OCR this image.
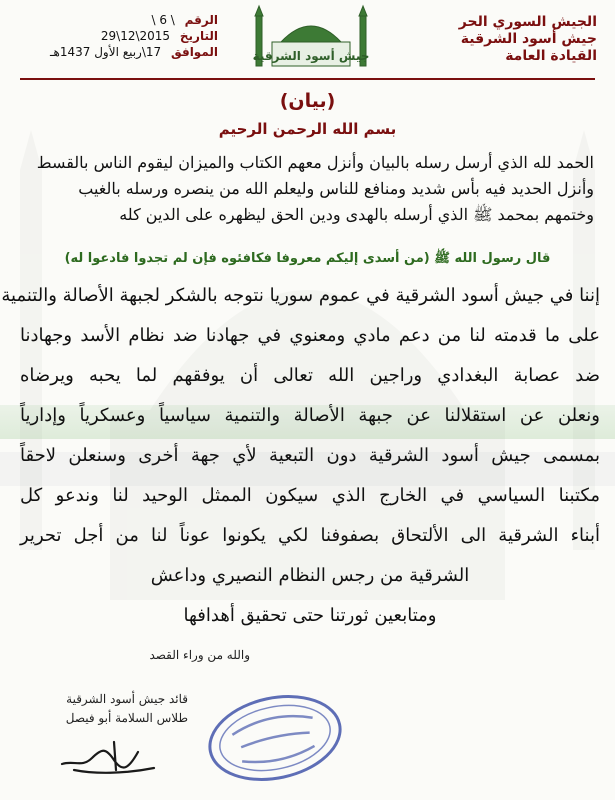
الجيش السوري الحر
جيش أسود الشرقية
القيادة العامة
جيش أسود الشرقية
الرقم \ 6 \
التاريخ 2015\12\29
الموافق 17\ربيع الأول 1437هـ
(بيان)
بسم الله الرحمن الرحيم
الحمد لله الذي أرسل رسله بالبيان وأنزل معهم الكتاب والميزان ليقوم الناس بالقسط
وأنزل الحديد فيه بأس شديد ومنافع للناس وليعلم الله من ينصره ورسله بالغيب
وختمهم بمحمد ﷺ الذي أرسله بالهدى ودين الحق ليظهره على الدين كله
قال رسول الله ﷺ (من أسدى إليكم معروفا فكافئوه فإن لم تجدوا فادعوا له)
إننا في جيش أسود الشرقية في عموم سوريا نتوجه بالشكر لجبهة الأصالة والتنمية
على ما قدمته لنا من دعم مادي ومعنوي في جهادنا ضد نظام الأسد وجهادنا
ضد عصابة البغدادي وراجين الله تعالى أن يوفقهم لما يحبه ويرضاه
ونعلن عن استقلالنا عن جبهة الأصالة والتنمية سياسياً وعسكرياً وإدارياً
بمسمى جيش أسود الشرقية دون التبعية لأي جهة أخرى وسنعلن لاحقاً
مكتبنا السياسي في الخارج الذي سيكون الممثل الوحيد لنا وندعو كل
أبناء الشرقية الى الألتحاق بصفوفنا لكي يكونوا عوناً لنا من أجل تحرير
الشرقية من رجس النظام النصيري وداعش
ومتابعين ثورتنا حتى تحقيق أهدافها
والله من وراء القصد
قائد جيش أسود الشرقية
طلاس السلامة أبو فيصل
